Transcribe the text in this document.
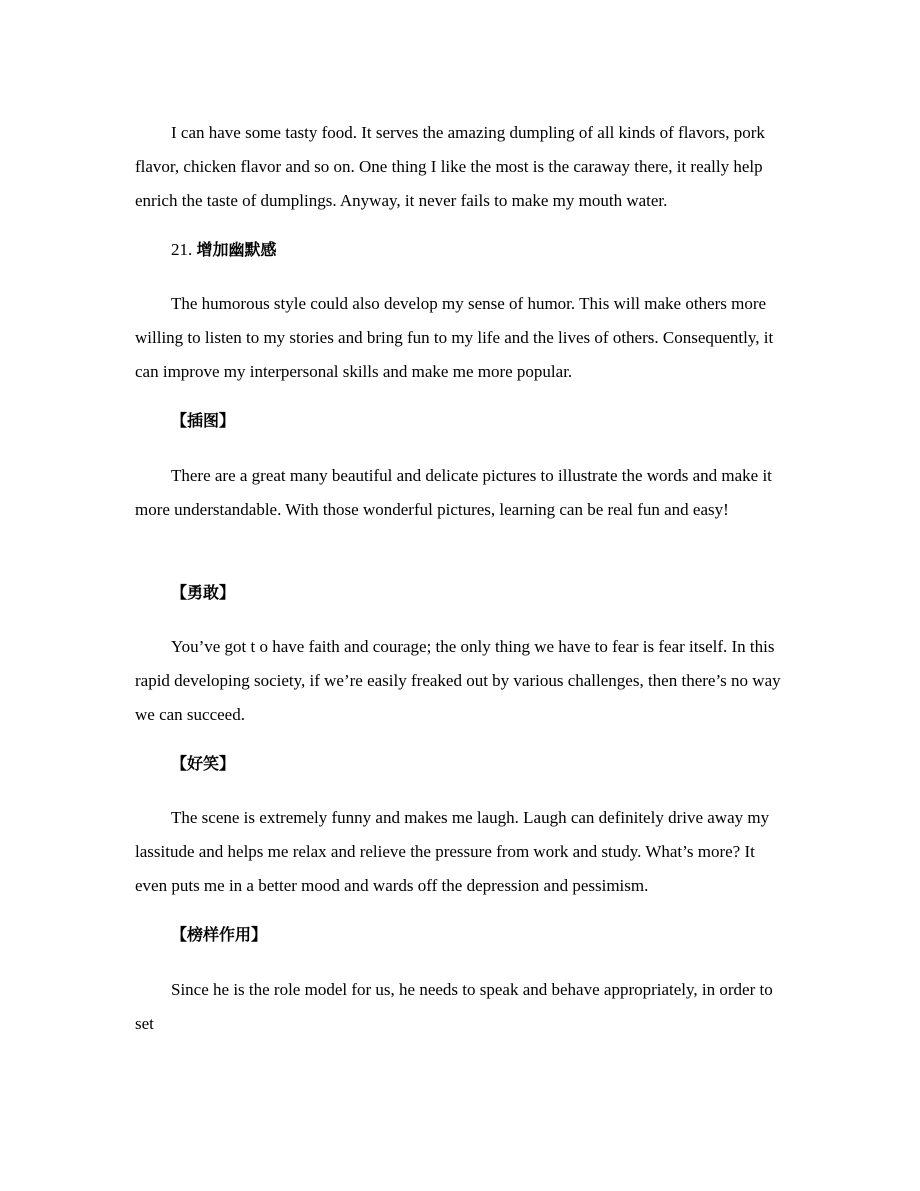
I can have some tasty food. It serves the amazing dumpling of all kinds of flavors, pork flavor, chicken flavor and so on. One thing I like the most is the caraway there, it really help enrich the taste of dumplings. Anyway, it never fails to make my mouth water.

21. 增加幽默感

The humorous style could also develop my sense of humor. This will make others more willing to listen to my stories and bring fun to my life and the lives of others. Consequently, it can improve my interpersonal skills and make me more popular.

【插图】

There are a great many beautiful and delicate pictures to illustrate the words and make it more understandable. With those wonderful pictures, learning can be real fun and easy!

【勇敢】

You’ve got t o have faith and courage; the only thing we have to fear is fear itself. In this rapid developing society, if we’re easily freaked out by various challenges, then there’s no way we can succeed.

【好笑】

The scene is extremely funny and makes me laugh. Laugh can definitely drive away my lassitude and helps me relax and relieve the pressure from work and study. What’s more? It even puts me in a better mood and wards off the depression and pessimism.

【榜样作用】

Since he is the role model for us, he needs to speak and behave appropriately, in order to set
